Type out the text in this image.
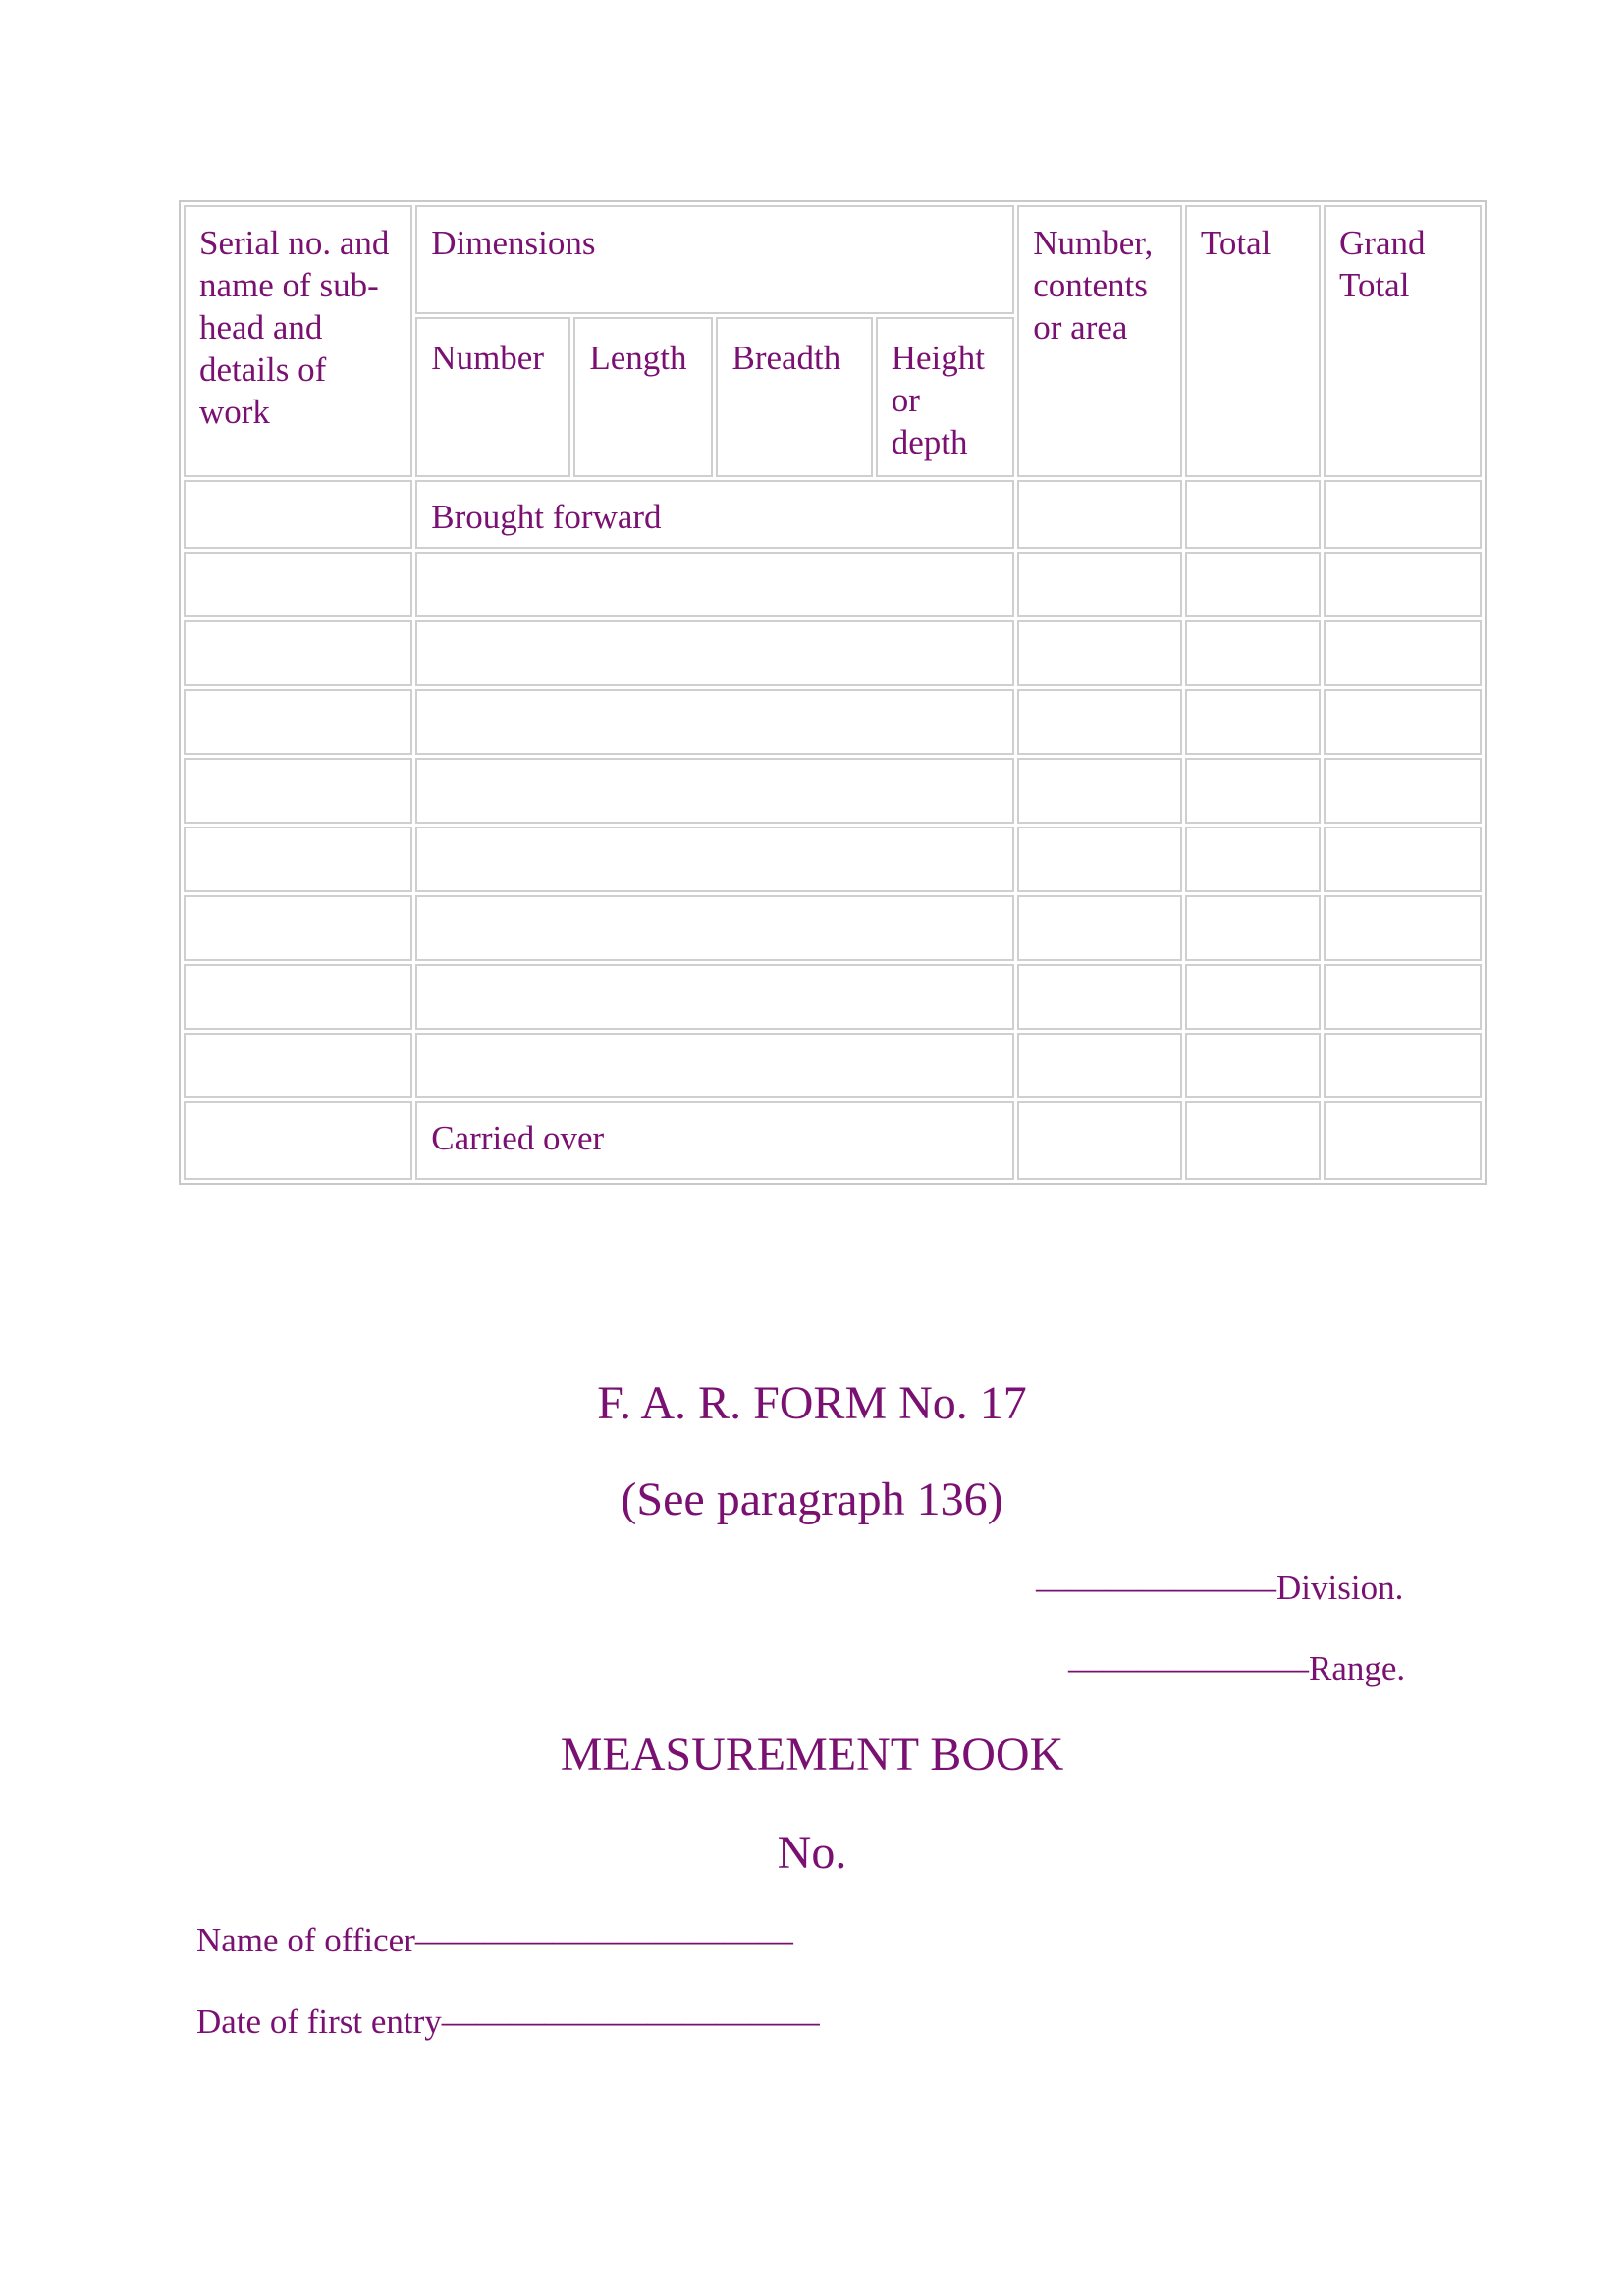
Serial no. and name of sub-head and details of work	Dimensions				Number, contents or area	Total	Grand Total
	Number	Length	Breadth	Height or depth			
	Brought forward						

	Carried over						
F. A. R. FORM No. 17
(See paragraph 136)
———————Division.
———————Range.
MEASUREMENT BOOK
No.
Name of officer———————————
Date of first entry———————————
